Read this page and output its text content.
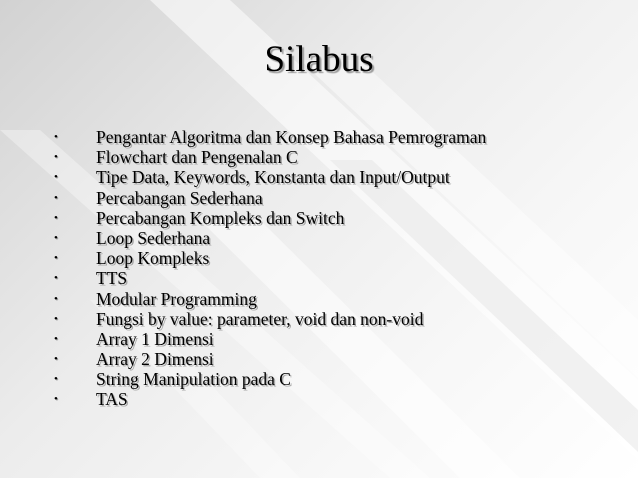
Silabus
• Pengantar Algoritma dan Konsep Bahasa Pemrograman
• Flowchart dan Pengenalan C
• Tipe Data, Keywords, Konstanta dan Input/Output
• Percabangan Sederhana
• Percabangan Kompleks dan Switch
• Loop Sederhana
• Loop Kompleks
• TTS
• Modular Programming
• Fungsi by value: parameter, void dan non-void
• Array 1 Dimensi
• Array 2 Dimensi
• String Manipulation pada C
• TAS
